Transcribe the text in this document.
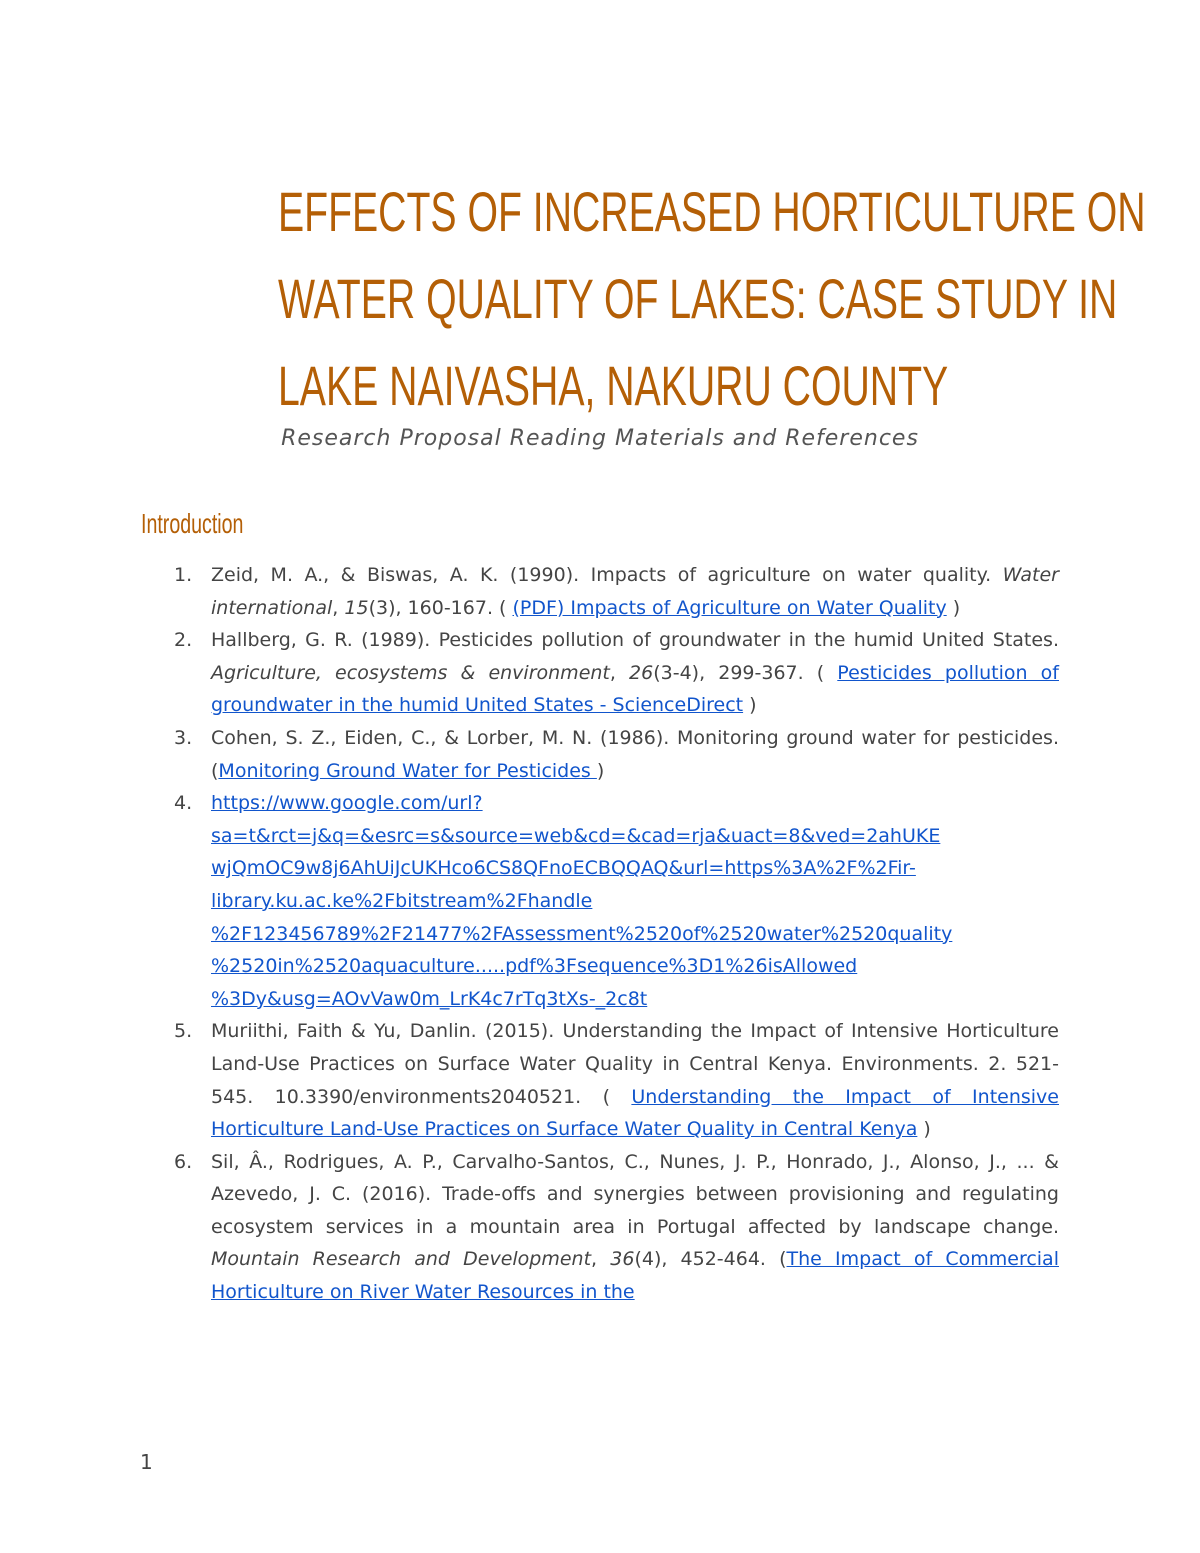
EFFECTS OF INCREASED HORTICULTURE ON
WATER QUALITY OF LAKES: CASE STUDY IN
LAKE NAIVASHA, NAKURU COUNTY
Research Proposal Reading Materials and References
Introduction
1. Zeid, M. A., & Biswas, A. K. (1990). Impacts of agriculture on water quality. Water international, 15(3), 160-167. ( (PDF) Impacts of Agriculture on Water Quality )
2. Hallberg, G. R. (1989). Pesticides pollution of groundwater in the humid United States. Agriculture, ecosystems & environment, 26(3-4), 299-367. ( Pesticides pollution of groundwater in the humid United States - ScienceDirect )
3. Cohen, S. Z., Eiden, C., & Lorber, M. N. (1986). Monitoring ground water for pesticides. (Monitoring Ground Water for Pesticides )
4. https://www.google.com/url?
sa=t&rct=j&q=&esrc=s&source=web&cd=&cad=rja&uact=8&ved=2ahUKE
wjQmOC9w8j6AhUiJcUKHco6CS8QFnoECBQQAQ&url=https%3A%2F%2Fir-
library.ku.ac.ke%2Fbitstream%2Fhandle
%2F123456789%2F21477%2FAssessment%2520of%2520water%2520quality
%2520in%2520aquaculture.....pdf%3Fsequence%3D1%26isAllowed
%3Dy&usg=AOvVaw0m_LrK4c7rTq3tXs-_2c8t
5. Muriithi, Faith & Yu, Danlin. (2015). Understanding the Impact of Intensive Horticulture Land-Use Practices on Surface Water Quality in Central Kenya. Environments. 2. 521-545. 10.3390/environments2040521. ( Understanding the Impact of Intensive Horticulture Land-Use Practices on Surface Water Quality in Central Kenya )
6. Sil, Â., Rodrigues, A. P., Carvalho-Santos, C., Nunes, J. P., Honrado, J., Alonso, J., ... & Azevedo, J. C. (2016). Trade-offs and synergies between provisioning and regulating ecosystem services in a mountain area in Portugal affected by landscape change. Mountain Research and Development, 36(4), 452-464. (The Impact of Commercial Horticulture on River Water Resources in the
1
